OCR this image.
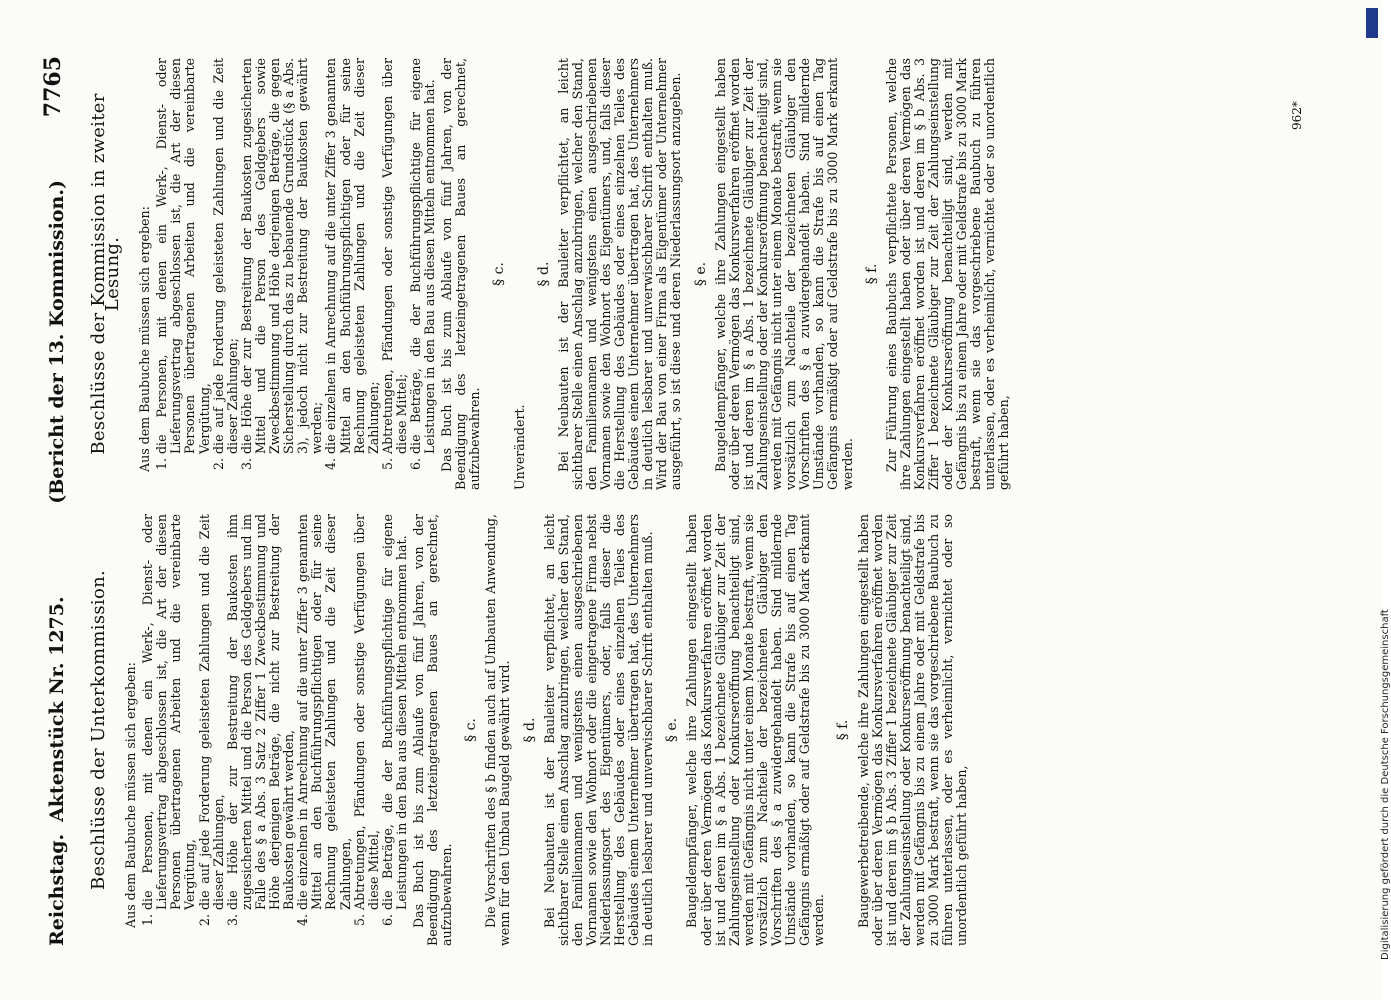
Reichstag.
Aktenstück Nr. 1275.              (Bericht der 13. Kommission.)
7765
Beschlüsse der Unterkommission. Aus dem Baubuche müssen sich ergeben: 1. die Personen, mit denen ein Werk-, Dienst- oder Lieferungsvertrag abgeschlossen ist, die Art der diesen Personen übertragenen Arbeiten und die vereinbarte Vergütung, 2. die auf jede Forderung geleisteten Zahlungen und die Zeit dieser Zahlungen, 3. die Höhe der zur Bestreitung der Baukosten ihm zugesicherten Mittel und die Person des Geldgebers und im Falle des § a Abs. 3 Satz 2 Ziffer 1 Zweckbestimmung und Höhe derjenigen Beträge, die nicht zur Bestreitung der Baukosten gewährt werden, 4. die einzelnen in Anrechnung auf die unter Ziffer 3 genannten Mittel an den Buchführungspflichtigen oder für seine Rechnung geleisteten Zahlungen und die Zeit dieser Zahlungen, 5. Abtretungen, Pfändungen oder sonstige Verfügungen über diese Mittel, 6. die Beträge, die der Buchführungspflichtige für eigene Leistungen in den Bau aus diesen Mitteln entnommen hat. Das Buch ist bis zum Ablaufe von fünf Jahren, von der Beendigung des letzteingetragenen Baues an gerechnet, aufzubewahren.

§ c. Die Vorschriften des § b finden auch auf Umbauten Anwendung, wenn für den Umbau Baugeld gewährt wird. § d. Bei Neubauten ist der Bauleiter verpflichtet, an leicht sichtbarer Stelle einen Anschlag anzubringen, welcher den Stand, den Familiennamen und wenigstens einen ausgeschriebenen Vornamen sowie den Wohnort oder die eingetragene Firma nebst Niederlassungsort des Eigentümers, oder, falls dieser die Herstellung des Gebäudes oder eines einzelnen Teiles des Gebäudes einem Unternehmer übertragen hat, des Unternehmers in deutlich lesbarer und unverwischbarer Schrift enthalten muß. § e. Baugeldempfänger, welche ihre Zahlungen eingestellt haben oder über deren Vermögen das Konkursverfahren eröffnet worden ist und deren im § a Abs. 1 bezeichnete Gläubiger zur Zeit der Zahlungseinstellung oder Konkurseröffnung benachteiligt sind, werden mit Gefängnis nicht unter einem Monate bestraft, wenn sie vorsätzlich zum Nachteile der bezeichneten Gläubiger den Vorschriften des § a zuwidergehandelt haben. Sind mildernde Umstände vorhanden, so kann die Strafe bis auf einen Tag Gefängnis ermäßigt oder auf Geldstrafe bis zu 3000 Mark erkannt werden.

§ f. Baugewerbetreibende, welche ihre Zahlungen eingestellt haben oder über deren Vermögen das Konkursverfahren eröffnet worden ist und deren im § b Abs. 3 Ziffer 1 bezeichnete Gläubiger zur Zeit der Zahlungseinstellung oder Konkurseröffnung benachteiligt sind, werden mit Gefängnis bis zu einem Jahre oder mit Geldstrafe bis zu 3000 Mark bestraft, wenn sie das vorgeschriebene Baubuch zu führen unterlassen, oder es verheimlicht, vernichtet oder so unordentlich geführt haben,

Beschlüsse der Kommission in zweiter Lesung. Aus dem Baubuche müssen sich ergeben: 1. die Personen, mit denen ein Werk-, Dienst- oder Lieferungsvertrag abgeschlossen ist, die Art der diesen Personen übertragenen Arbeiten und die vereinbarte Vergütung, 2. die auf jede Forderung geleisteten Zahlungen und die Zeit dieser Zahlungen; 3. die Höhe der zur Bestreitung der Baukosten zugesicherten Mittel und die Person des Geldgebers sowie Zweckbestimmung und Höhe derjenigen Beträge, die gegen Sicherstellung durch das zu bebauende Grundstück (§ a Abs. 3), jedoch nicht zur Bestreitung der Baukosten gewährt werden; 4. die einzelnen in Anrechnung auf die unter Ziffer 3 genannten Mittel an den Buchführungspflichtigen oder für seine Rechnung geleisteten Zahlungen und die Zeit dieser Zahlungen; 5. Abtretungen, Pfändungen oder sonstige Verfügungen über diese Mittel; 6. die Beträge, die der Buchführungspflichtige für eigene Leistungen in den Bau aus diesen Mitteln entnommen hat. Das Buch ist bis zum Ablaufe von fünf Jahren, von der Beendigung des letzteingetragenen Baues an gerechnet, aufzubewahren.

§ c.

Unverändert.

§ d. Bei Neubauten ist der Bauleiter verpflichtet, an leicht sichtbarer Stelle einen Anschlag anzubringen, welcher den Stand, den Familiennamen und wenigstens einen ausgeschriebenen Vornamen sowie den Wohnort des Eigentümers, und, falls dieser die Herstellung des Gebäudes oder eines einzelnen Teiles des Gebäudes einem Unternehmer übertragen hat, des Unternehmers in deutlich lesbarer und unverwischbarer Schrift enthalten muß. Wird der Bau von einer Firma als Eigentümer oder Unternehmer ausgeführt, so ist diese und deren Niederlassungsort anzugeben. § e. Baugeldempfänger, welche ihre Zahlungen eingestellt haben oder über deren Vermögen das Konkursverfahren eröffnet worden ist und deren im § a Abs. 1 bezeichnete Gläubiger zur Zeit der Zahlungseinstellung oder der Konkurseröffnung benachteiligt sind, werden mit Gefängnis nicht unter einem Monate bestraft, wenn sie vorsätzlich zum Nachteile der bezeichneten Gläubiger den Vorschriften des § a zuwidergehandelt haben. Sind mildernde Umstände vorhanden, so kann die Strafe bis auf einen Tag Gefängnis ermäßigt oder auf Geldstrafe bis zu 3000 Mark erkannt werden.

§ f. Zur Führung eines Baubuchs verpflichtete Personen, welche ihre Zahlungen eingestellt haben oder über deren Vermögen das Konkursverfahren eröffnet worden ist und deren im § b Abs. 3 Ziffer 1 bezeichnete Gläubiger zur Zeit der Zahlungseinstellung oder der Konkurseröffnung benachteiligt sind, werden mit Gefängnis bis zu einem Jahre oder mit Geldstrafe bis zu 3000 Mark bestraft, wenn sie das vorgeschriebene Baubuch zu führen unterlassen, oder es verheimlicht, vernichtet oder so unordentlich geführt haben,

962*
Digitalisierung gefördert durch die Deutsche Forschungsgemeinschaft
DFG
